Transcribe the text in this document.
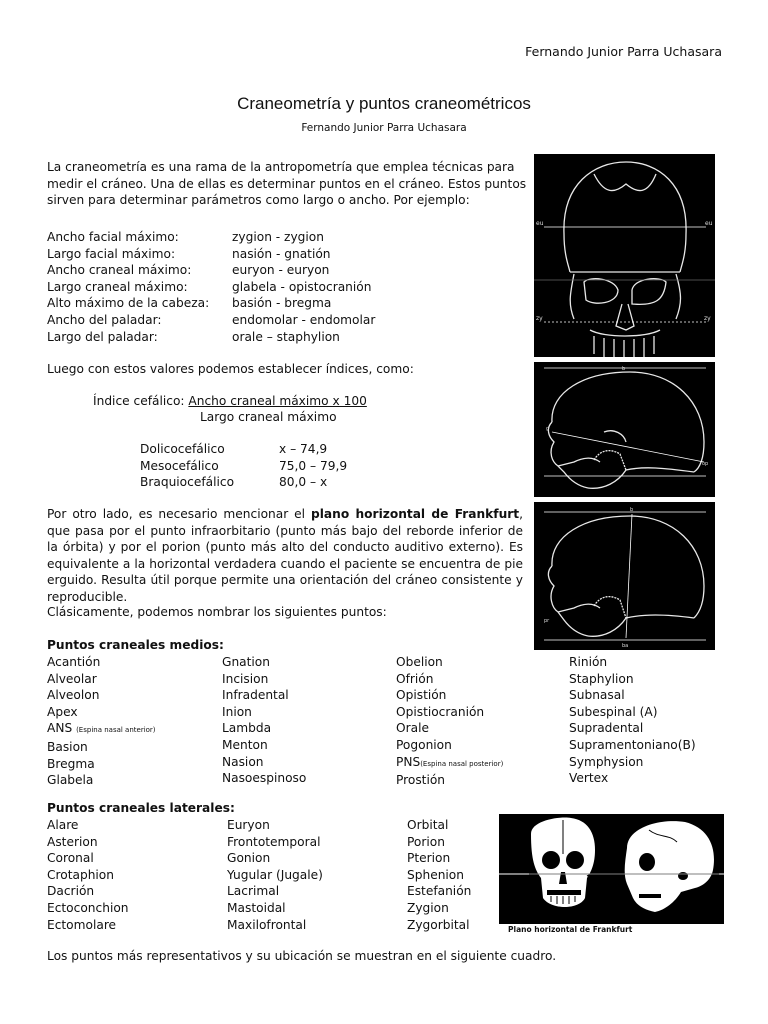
Fernando Junior Parra Uchasara
Craneometría y puntos craneométricos
Fernando Junior Parra Uchasara
La craneometría es una rama de la antropometría que emplea técnicas para medir el cráneo. Una de ellas es determinar puntos en el cráneo. Estos puntos sirven para determinar parámetros como largo o ancho. Por ejemplo:
Ancho facial máximo:
Largo facial máximo:
Ancho craneal máximo:
Largo craneal máximo:
Alto máximo de la cabeza:
Ancho del paladar:
Largo del paladar:
zygion - zygion
nasión - gnatión
euryon - euryon
glabela - opistocranión
basión - bregma
endomolar - endomolar
orale – staphylion
Luego con estos valores podemos establecer índices, como:
Índice cefálico: Ancho craneal máximo x 100
Largo craneal máximo
Dolicocefálico
Mesocefálico
Braquiocefálico
x – 74,9
75,0 – 79,9
80,0 – x
Por otro lado, es necesario mencionar el plano horizontal de Frankfurt, que pasa por el punto infraorbitario (punto más bajo del reborde inferior de la órbita) y por el porion (punto más alto del conducto auditivo externo). Es equivalente a la horizontal verdadera cuando el paciente se encuentra de pie erguido. Resulta útil porque permite una orientación del cráneo consistente y reproducible.
Clásicamente, podemos nombrar los siguientes puntos:
Puntos craneales medios:
Acantión
Alveolar
Alveolon
Apex
ANS (Espina nasal anterior)
Basion
Bregma
Glabela
Gnation
Incision
Infradental
Inion
Lambda
Menton
Nasion
Nasoespinoso
Obelion
Ofrión
Opistión
Opistiocranión
Orale
Pogonion
PNS(Espina nasal posterior)
Prostión
Rinión
Staphylion
Subnasal
Subespinal (A)
Supradental
Supramentoniano(B)
Symphysion
Vertex
Puntos craneales laterales:
Alare
Asterion
Coronal
Crotaphion
Dacrión
Ectoconchion
Ectomolare
Euryon
Frontotemporal
Gonion
Yugular (Jugale)
Lacrimal
Mastoidal
Maxilofrontal
Orbital
Porion
Pterion
Sphenion
Estefanión
Zygion
Zygorbital
Los puntos más representativos y su ubicación se muestran en el siguiente cuadro.
eu	eu
zy	zy
g
op
b
b
ba
pr
Plano horizontal de Frankfurt
